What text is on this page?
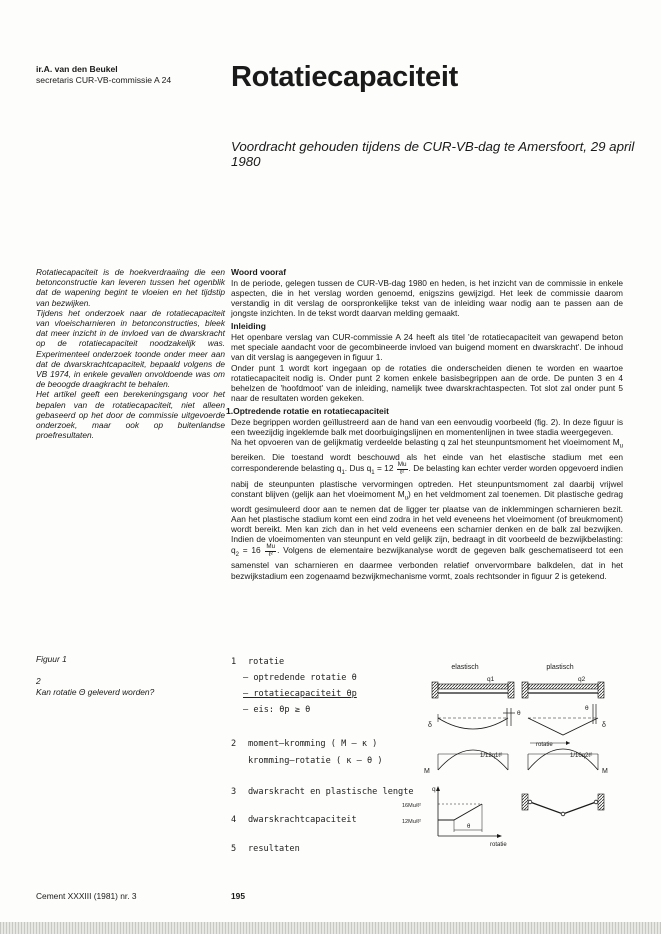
ir.A. van den Beukel
secretaris CUR-VB-commissie A 24	Rotatiecapaciteit
Voordracht gehouden tijdens de CUR-VB-dag te Amersfoort, 29 april 1980

Rotatiecapaciteit is de hoekverdraaiing die een betonconstructie kan leveren tussen het ogenblik dat de wapening begint te vloeien en het tijdstip van bezwijken.

Tijdens het onderzoek naar de rotatiecapaciteit van vloeischarnieren in betonconstructies, bleek dat meer inzicht in de invloed van de dwarskracht op de rotatiecapaciteit noodzakelijk was. Experimenteel onderzoek toonde onder meer aan dat de dwarskrachtcapaciteit, bepaald volgens de VB 1974, in enkele gevallen onvoldoende was om de beoogde draagkracht te behalen.

Het artikel geeft een berekeningsgang voor het bepalen van de rotatiecapaciteit, niet alleen gebaseerd op het door de commissie uitgevoerde onderzoek, maar ook op buitenlandse proefresultaten.

Woord vooraf

In de periode, gelegen tussen de CUR-VB-dag 1980 en heden, is het inzicht van de commissie in enkele aspecten, die in het verslag worden genoemd, enigszins gewijzigd. Het leek de commissie daarom verstandig in dit verslag de oorspronkelijke tekst van de inleiding waar nodig aan te passen aan de jongste inzichten. In de tekst wordt daarvan melding gemaakt.

Inleiding

Het openbare verslag van CUR-commissie A 24 heeft als titel 'de rotatiecapaciteit van gewapend beton met speciale aandacht voor de gecombineerde invloed van buigend moment en dwarskracht'. De inhoud van dit verslag is aangegeven in figuur 1.

Onder punt 1 wordt kort ingegaan op de rotaties die onderscheiden dienen te worden en waartoe rotatiecapaciteit nodig is. Onder punt 2 komen enkele basisbegrippen aan de orde. De punten 3 en 4 behelzen de 'hoofdmoot' van de inleiding, namelijk twee dwarskrachtaspecten. Tot slot zal onder punt 5 naar de resultaten worden gekeken.

1.Optredende rotatie en rotatiecapaciteit

Deze begrippen worden geïllustreerd aan de hand van een eenvoudig voorbeeld (fig. 2). In deze figuur is een tweezijdig ingeklemde balk met doorbuigingslijnen en momentenlijnen in twee stadia weergegeven.

Na het opvoeren van de gelijkmatig verdeelde belasting q zal het steunpuntsmoment het vloeimoment $M_u$ bereiken. Die toestand wordt beschouwd als het einde van het elastische stadium met een corresponderende belasting $q_1$. Dus $q_1 = 12 \frac{Mu}{\text{ℓ²}}$ . De belasting kan echter verder worden opgevoerd indien nabij de steunpunten plastische vervormingen optreden. Het steunpuntsmoment zal daarbij vrijwel constant blijven (gelijk aan het vloeimoment $M_u$) en het veldmoment zal toenemen. Dit plastische gedrag wordt gesimuleerd door aan te nemen dat de ligger ter plaatse van de inklemmingen scharnieren bezit. Aan het plastische stadium komt een eind zodra in het veld eveneens het vloeimoment (of breukmoment) wordt bereikt. Men kan zich dan in het veld eveneens een scharnier denken en de balk zal bezwijken. Indien de vloeimomenten van steunpunt en veld gelijk zijn, bedraagt in dit voorbeeld de bezwijkbelasting: $q_2 = 16 \frac{Mu}{\text{ℓ²}}$ . Volgens de elementaire bezwijkanalyse wordt de gegeven balk geschematiseerd tot een samenstel van scharnieren en daarmee verbonden relatief onvervormbare balkdelen, dat in het bezwijkstadium een zogenaamd bezwijkmechanisme vormt, zoals rechtsonder in figuur 2 is getekend.

Figuur 1
2
Kan rotatie Θ geleverd worden?
1 rotatie
– optredende rotatie θ
– rotatiecapaciteit θp
– eis: θp ≥ θ
2 moment–kromming ( M – κ )
kromming–rotatie ( κ – θ )
3 dwarskracht en plastische lengte
4 dwarskrachtcapaciteit
5 resultaten
elastisch	plastisch
q1	q2
δ
θ
θ
δ
rotatie
M
1/12q1ℓ²	1/16q2ℓ²
M
q
16Mu/ℓ²
12Mu/ℓ²
θ
rotatie
Cement XXXIII (1981) nr. 3	195
